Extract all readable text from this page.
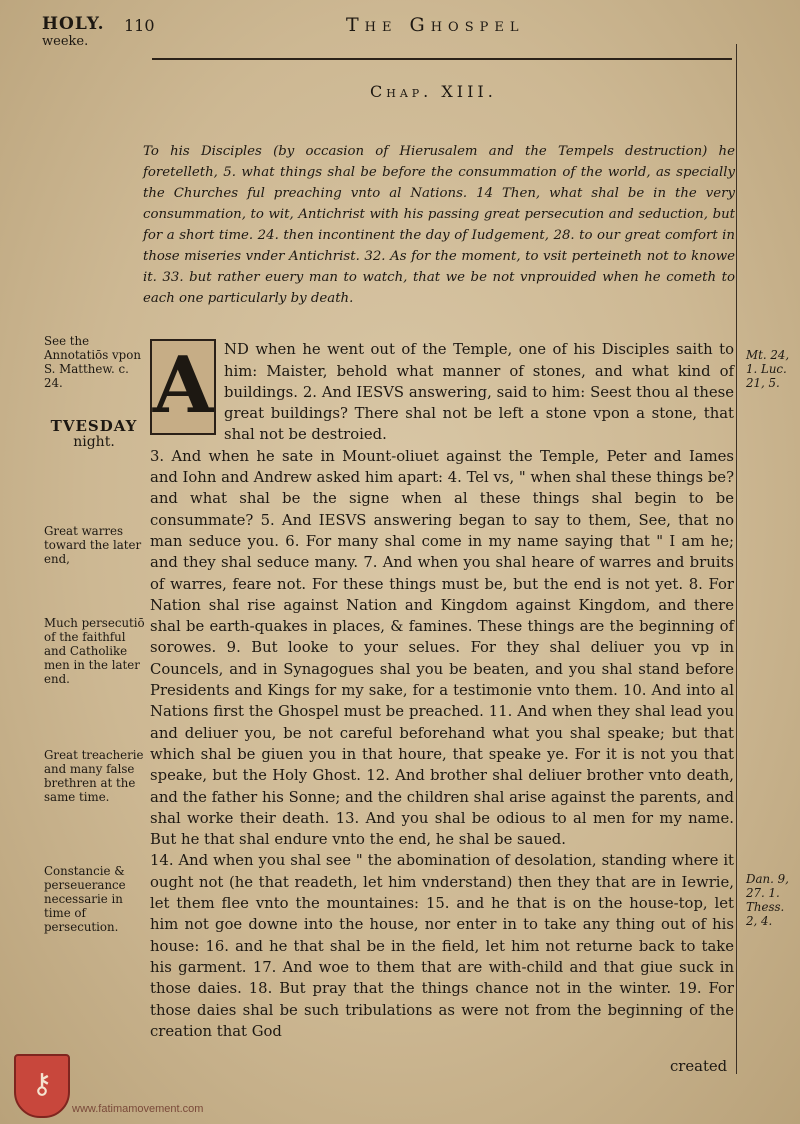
HOLY.
weeke.
110	The Ghospel
Chap. XIII.

To his Disciples (by occasion of Hierusalem and the Tempels destruction) he foretelleth, 5. what things shal be before the consummation of the world, as specially the Churches ful preaching vnto al Nations. 14 Then, what shal be in the very consummation, to wit, Antichrist with his passing great persecution and seduction, but for a short time. 24. then incontinent the day of Iudgement, 28. to our great comfort in those miseries vnder Antichrist. 32. As for the moment, to vsit perteineth not to knowe it. 33. but rather euery man to watch, that we be not vnprouided when he cometh to each one particularly by death.

A ND when he went out of the Temple, one of his Disciples saith to him: Maister, behold what manner of stones, and what kind of buildings. 2. And IESVS answering, said to him: Seest thou al these great buildings? There shal not be left a stone vpon a stone, that shal not be destroied.
3. And when he sate in Mount-oliuet against the Temple, Peter and Iames and Iohn and Andrew asked him apart: 4. Tel vs, " when shal these things be? and what shal be the signe when al these things shal begin to be consummate? 5. And IESVS answering began to say to them, See, that no man seduce you. 6. For many shal come in my name saying that " I am he; and they shal seduce many. 7. And when you shal heare of warres and bruits of warres, feare not. For these things must be, but the end is not yet. 8. For Nation shal rise against Nation and Kingdom against Kingdom, and there shal be earth-quakes in places, & famines. These things are the beginning of sorowes. 9. But looke to your selues. For they shal deliuer you vp in Councels, and in Synagogues shal you be beaten, and you shal stand before Presidents and Kings for my sake, for a testimonie vnto them. 10. And into al Nations first the Ghospel must be preached. 11. And when they shal lead you and deliuer you, be not careful beforehand what you shal speake; but that which shal be giuen you in that houre, that speake ye. For it is not you that speake, but the Holy Ghost. 12. And brother shal deliuer brother vnto death, and the father his Sonne; and the children shal arise against the parents, and shal worke their death. 13. And you shal be odious to al men for my name. But he that shal endure vnto the end, he shal be saued.
14. And when you shal see " the abomination of desolation, standing where it ought not (he that readeth, let him vnderstand) then they that are in Iewrie, let them flee vnto the mountaines: 15. and he that is on the house-top, let him not goe downe into the house, nor enter in to take any thing out of his house: 16. and he that shal be in the field, let him not returne back to take his garment. 17. And woe to them that are with-child and that giue suck in those daies. 18. But pray that the things chance not in the winter. 19. For those daies shal be such tribulations as were not from the beginning of the creation that God

See the Annotatiōs vpon S. Matthew. c. 24.
TVESDAY
night.
Great warres toward the later end,
Much persecutiō of the faithful and Catholike men in the later end.
Great treacherie and many false brethren at the same time.
Constancie & perseuerance necessarie in time of persecution.
Mt. 24, 1. Luc. 21, 5.
Dan. 9, 27. 1. Thess. 2, 4.
created
⚷
www.fatimamovement.com
